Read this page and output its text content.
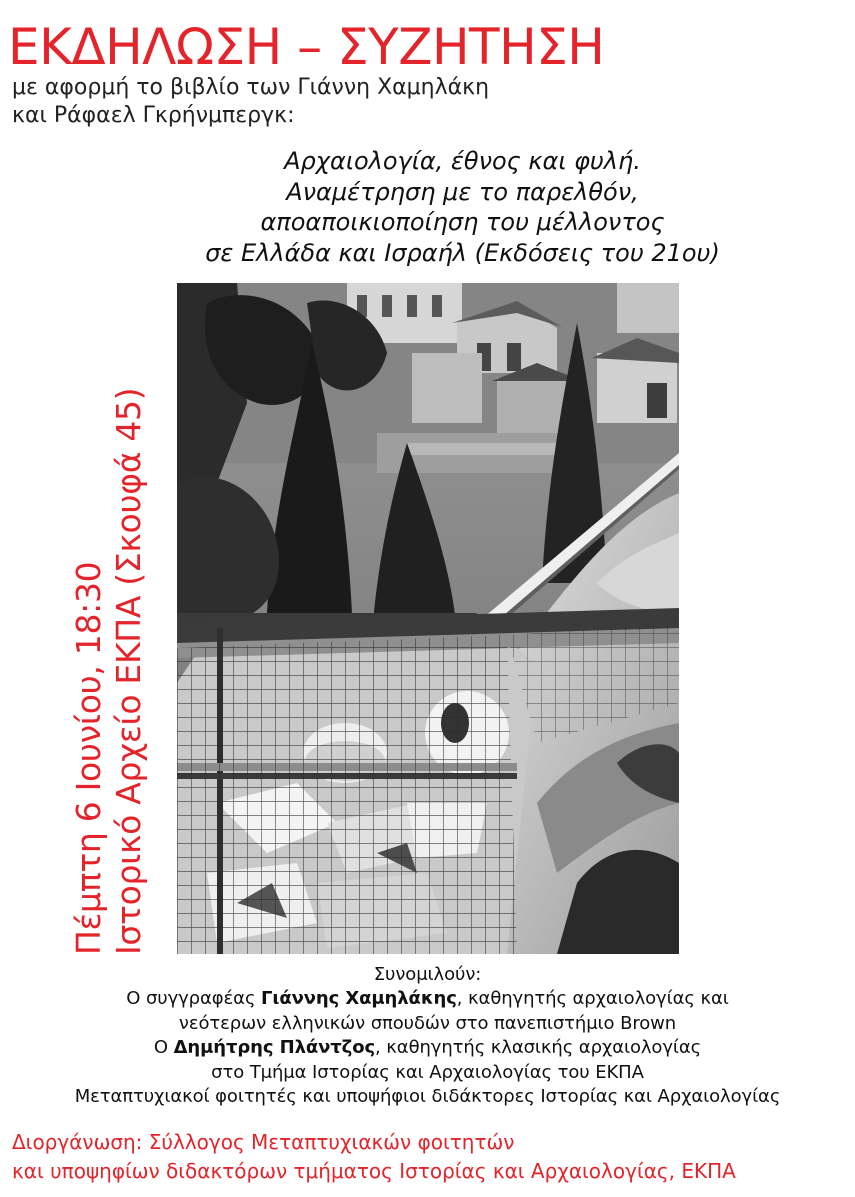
ΕΚΔΗΛΩΣΗ – ΣΥΖΗΤΗΣΗ
με αφορμή το βιβλίο των Γιάννη Χαμηλάκη
και Ράφαελ Γκρήνμπεργκ:
Αρχαιολογία, έθνος και φυλή.
Αναμέτρηση με το παρελθόν,
αποαποικιοποίηση του μέλλοντος
σε Ελλάδα και Ισραήλ (Εκδόσεις του 21ου)
Πέμπτη 6 Ιουνίου, 18:30 Ιστορικό Αρχείο ΕΚΠΑ (Σκουφά 45)
Συνομιλούν:
Ο συγγραφέας Γιάννης Χαμηλάκης, καθηγητής αρχαιολογίας και
νεότερων ελληνικών σπουδών στο πανεπιστήμιο Brown
Ο Δημήτρης Πλάντζος, καθηγητής κλασικής αρχαιολογίας
στο Τμήμα Ιστορίας και Αρχαιολογίας του ΕΚΠΑ
Μεταπτυχιακοί φοιτητές και υποψήφιοι διδάκτορες Ιστορίας και Αρχαιολογίας
Διοργάνωση: Σύλλογος Μεταπτυχιακών φοιτητών
και υποψηφίων διδακτόρων τμήματος Ιστορίας και Αρχαιολογίας, ΕΚΠΑ
